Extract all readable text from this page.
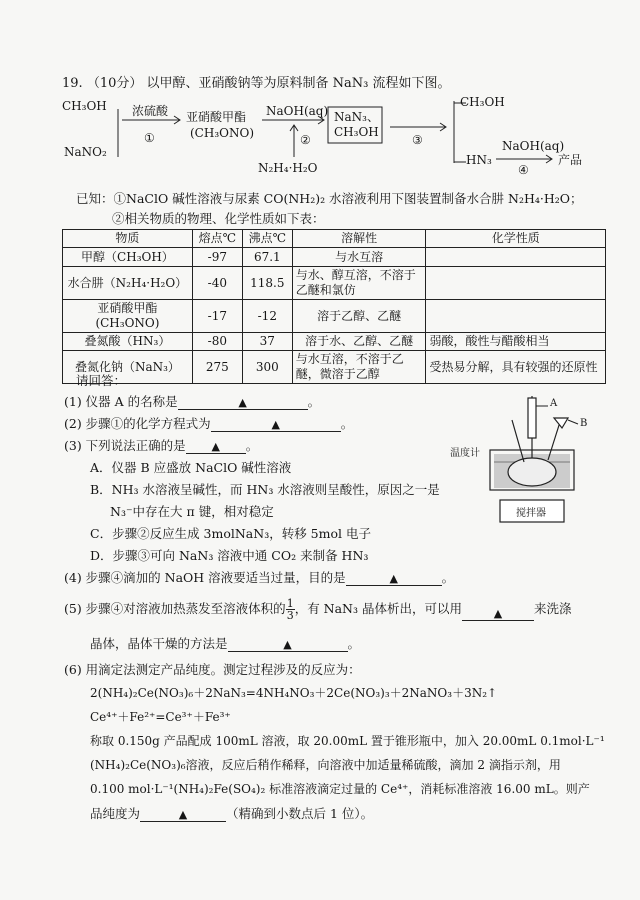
19. （10分） 以甲醇、亚硝酸钠等为原料制备 NaN₃ 流程如下图。
CH₃OH
NaNO₂
浓硫酸
①
亚硝酸甲酯
(CH₃ONO)
NaOH(aq)
②
N₂H₄·H₂O
NaN₃、
CH₃OH
③
CH₃OH
HN₃
NaOH(aq)
④
产品
已知：①NaClO 碱性溶液与尿素 CO(NH₂)₂ 水溶液利用下图装置制备水合肼 N₂H₄·H₂O；
②相关物质的物理、化学性质如下表：
物质	熔点℃	沸点℃	溶解性	化学性质
甲醇（CH₃OH）	-97	67.1	与水互溶	
水合肼（N₂H₄·H₂O）	-40	118.5	与水、醇互溶，不溶于乙醚和氯仿	
亚硝酸甲酯(CH₃ONO)	-17	-12	溶于乙醇、乙醚	
叠氮酸（HN₃）	-80	37	溶于水、乙醇、乙醚	弱酸，酸性与醋酸相当
叠氮化钠（NaN₃）	275	300	与水互溶，不溶于乙醚，微溶于乙醇	受热易分解，具有较强的还原性
请回答：
(1) 仪器 A 的名称是	▲	。
(2) 步骤①的化学方程式为	▲	。
(3) 下列说法正确的是 ▲ 。
A．仪器 B 应盛放 NaClO 碱性溶液
B．NH₃ 水溶液呈碱性，而 HN₃ 水溶液则呈酸性，原因之一是
N₃⁻中存在大 π 键，相对稳定
C．步骤②反应生成 3molNaN₃，转移 5mol 电子
D．步骤③可向 NaN₃ 溶液中通 CO₂ 来制备 HN₃
A
B
温度计
搅拌器
(4) 步骤④滴加的 NaOH 溶液要适当过量，目的是	▲	。
(5) 步骤④对溶液加热蒸发至溶液体积的 $\frac{1}{3}$ ，有 NaN₃ 晶体析出，可以用	▲	来洗涤
晶体，晶体干燥的方法是	▲	。
(6) 用滴定法测定产品纯度。测定过程涉及的反应为：
2(NH₄)₂Ce(NO₃)₆＋2NaN₃=4NH₄NO₃＋2Ce(NO₃)₃＋2NaNO₃＋3N₂↑
Ce⁴⁺＋Fe²⁺=Ce³⁺＋Fe³⁺
称取 0.150g 产品配成 100mL 溶液，取 20.00mL 置于锥形瓶中，加入 20.00mL 0.1mol·L⁻¹
(NH₄)₂Ce(NO₃)₆溶液，反应后稍作稀释，向溶液中加适量稀硫酸，滴加 2 滴指示剂，用
0.100 mol·L⁻¹(NH₄)₂Fe(SO₄)₂ 标准溶液滴定过量的 Ce⁴⁺，消耗标准溶液 16.00 mL。则产
品纯度为	▲	（精确到小数点后 1 位）。
